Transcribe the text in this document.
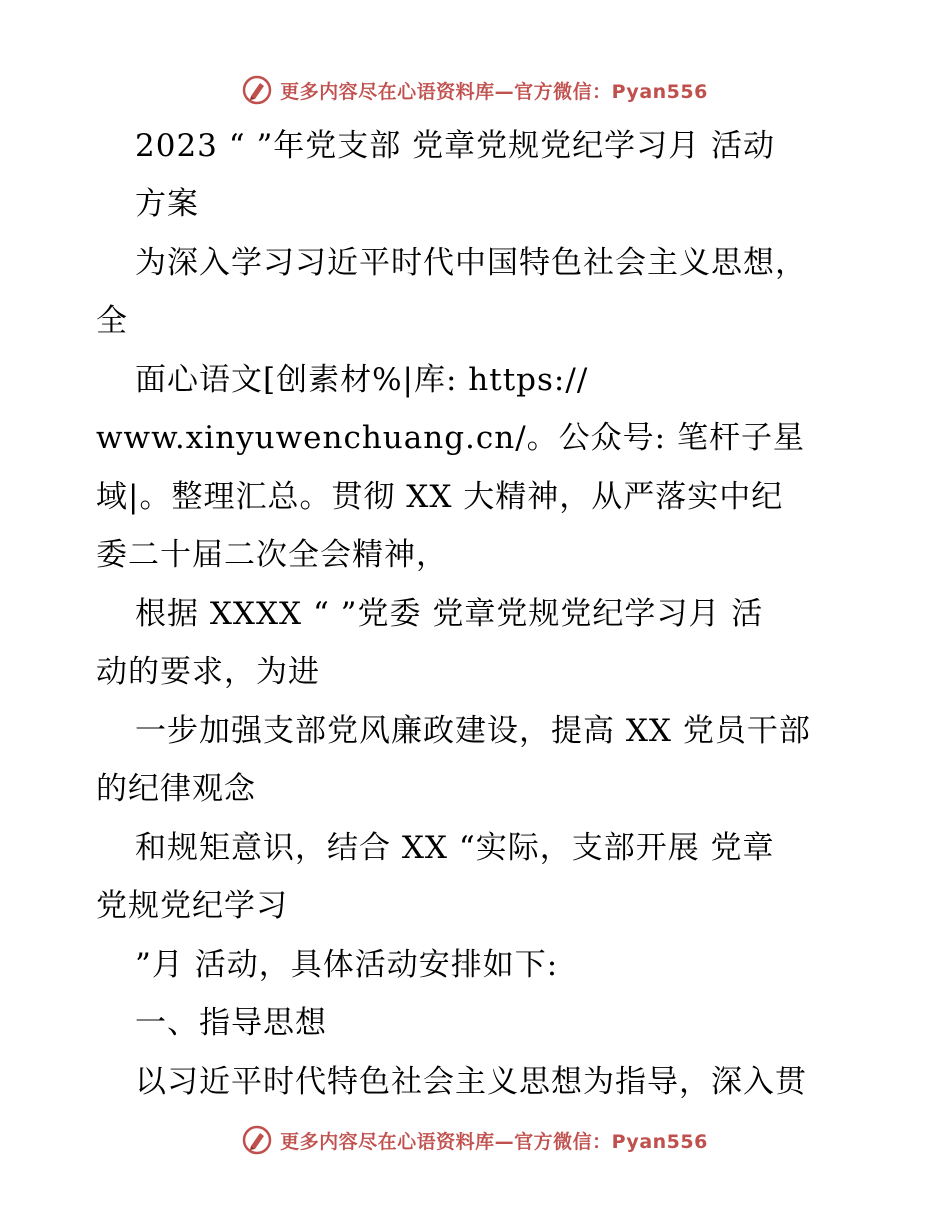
更多内容尽在心语资料库—官方微信：Pyan556
2023 “ ”年党支部 党章党规党纪学习月 活动
方案
为深入学习习近平时代中国特色社会主义思想，
全
面心语文[创素材%|库: https://
www.xinyuwenchuang.cn/。公众号: 笔杆子星
域|。整理汇总。贯彻 XX 大精神，从严落实中纪
委二十届二次全会精神，
根据 XXXX “ ”党委 党章党规党纪学习月 活
动的要求，为进
一步加强支部党风廉政建设，提高 XX 党员干部
的纪律观念
和规矩意识，结合 XX “实际，支部开展 党章
党规党纪学习
”月 活动，具体活动安排如下:
一、指导思想
以习近平时代特色社会主义思想为指导，深入贯
更多内容尽在心语资料库—官方微信：Pyan556
